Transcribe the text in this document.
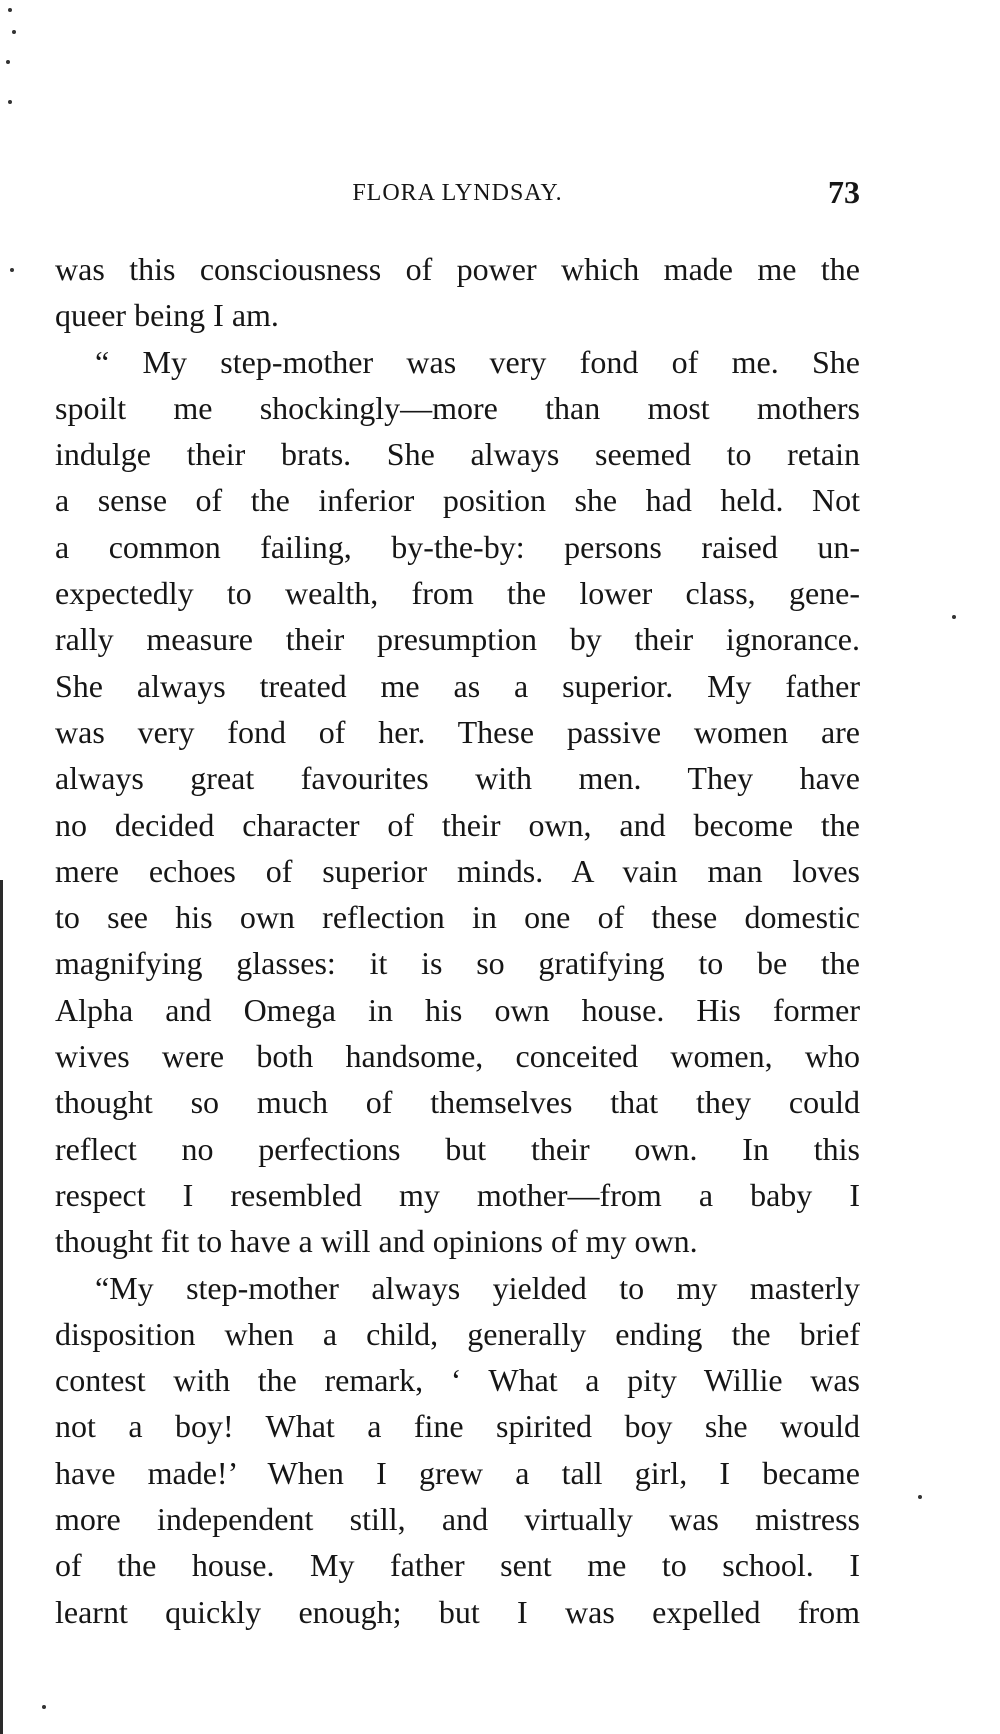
FLORA LYNDSAY.	73
was this consciousness of power which made me the
queer being I am.
“ My step-mother was very fond of me. She
spoilt me shockingly—more than most mothers
indulge their brats. She always seemed to retain
a sense of the inferior position she had held. Not
a common failing, by-the-by: persons raised un-
expectedly to wealth, from the lower class, gene-
rally measure their presumption by their ignorance.
She always treated me as a superior. My father
was very fond of her. These passive women are
always great favourites with men. They have
no decided character of their own, and become the
mere echoes of superior minds. A vain man loves
to see his own reflection in one of these domestic
magnifying glasses: it is so gratifying to be the
Alpha and Omega in his own house. His former
wives were both handsome, conceited women, who
thought so much of themselves that they could
reflect no perfections but their own. In this
respect I resembled my mother—from a baby I
thought fit to have a will and opinions of my own.
“My step-mother always yielded to my masterly
disposition when a child, generally ending the brief
contest with the remark, ‘ What a pity Willie was
not a boy! What a fine spirited boy she would
have made!’ When I grew a tall girl, I became
more independent still, and virtually was mistress
of the house. My father sent me to school. I
learnt quickly enough; but I was expelled from
